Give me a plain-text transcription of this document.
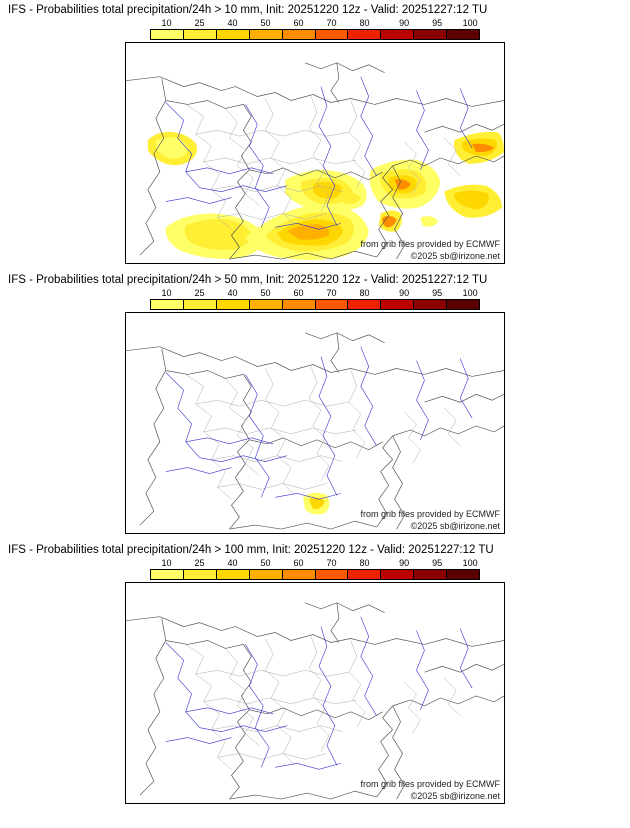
IFS - Probabilities total precipitation/24h > 10 mm, Init: 20251220 12z - Valid: 20251227:12 TU
10	25	40	50	60	70	80	90	95 100
from grib files provided by ECMWF
©2025 sb@irizone.net
IFS - Probabilities total precipitation/24h > 50 mm, Init: 20251220 12z - Valid: 20251227:12 TU
10	25	40	50	60	70	80	90	95 100
from grib files provided by ECMWF
©2025 sb@irizone.net
IFS - Probabilities total precipitation/24h > 100 mm, Init: 20251220 12z - Valid: 20251227:12 TU
10	25	40	50	60	70	80	90	95 100
from grib files provided by ECMWF
©2025 sb@irizone.net
